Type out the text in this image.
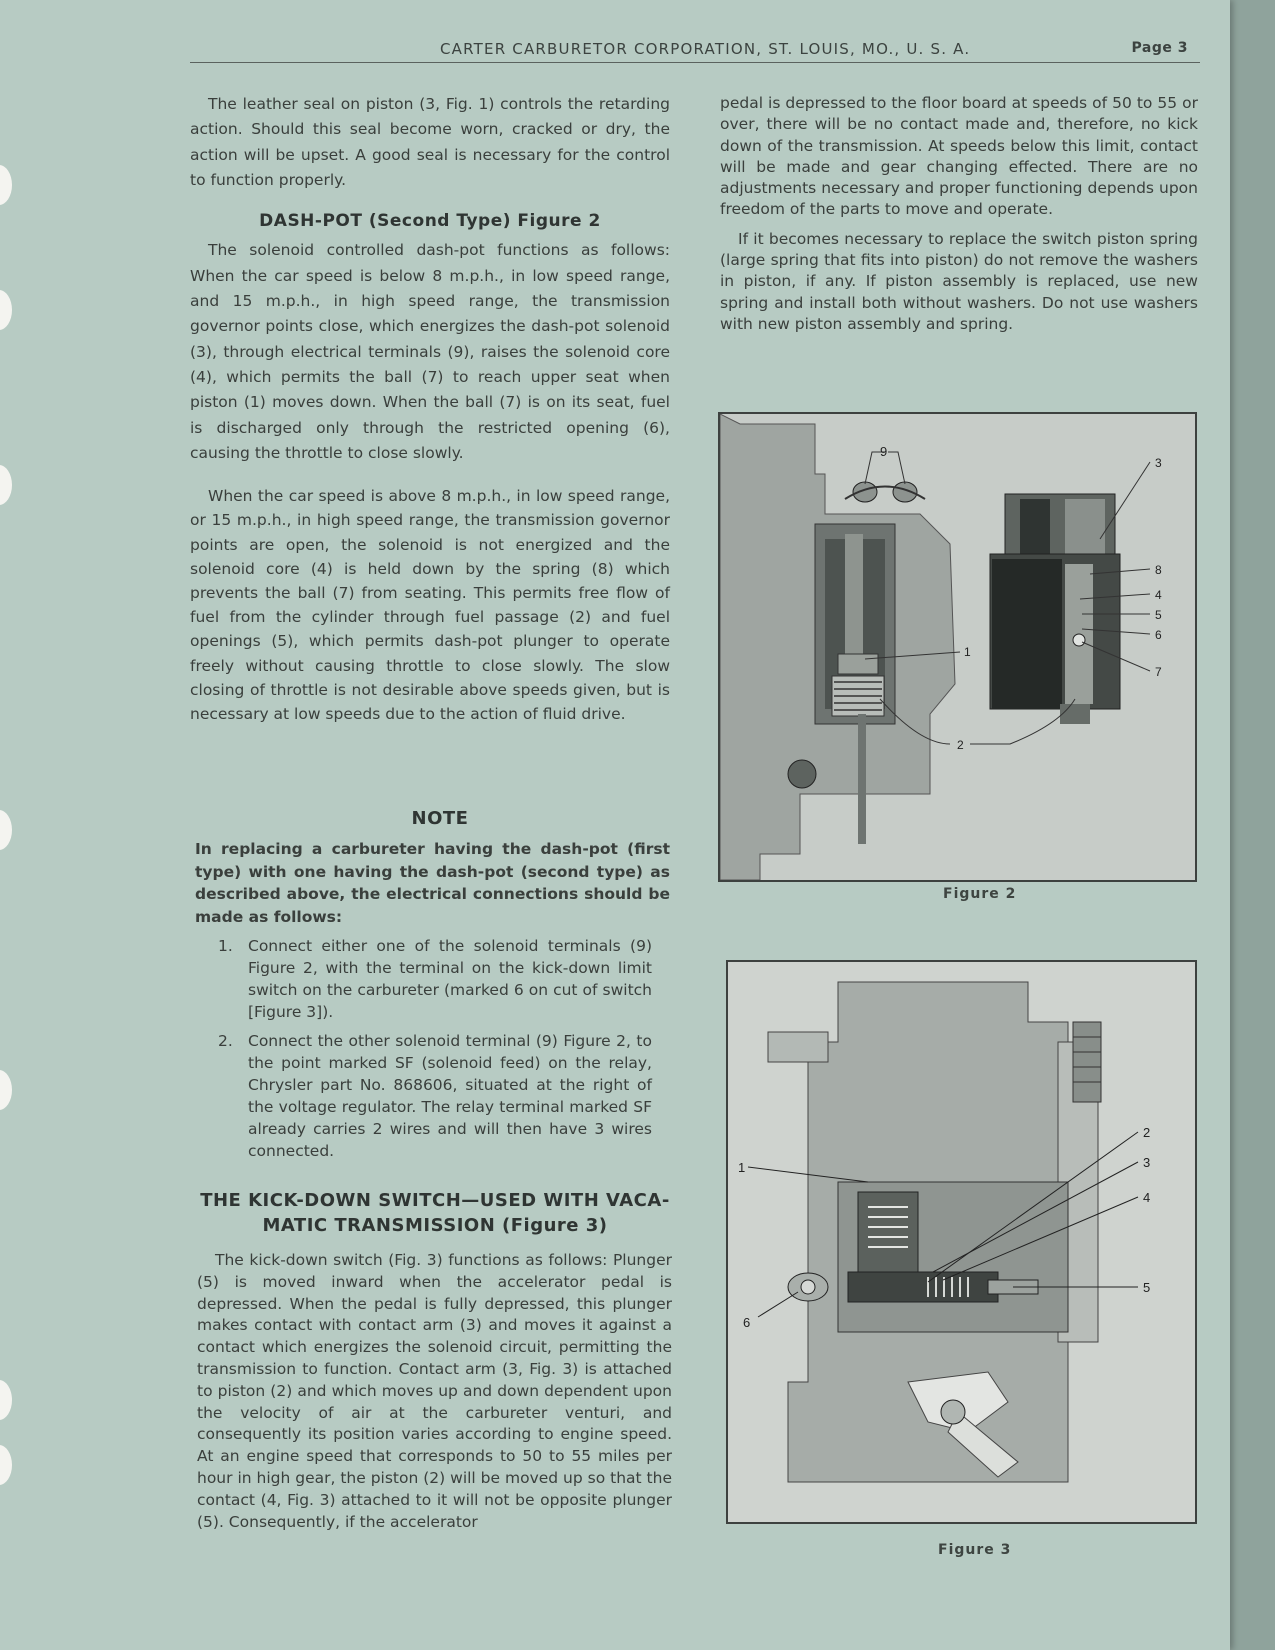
CARTER CARBURETOR CORPORATION, ST. LOUIS, MO., U. S. A.	Page 3

The leather seal on piston (3, Fig. 1) controls the retarding action. Should this seal become worn, cracked or dry, the action will be upset. A good seal is necessary for the control to function properly.

DASH-POT (Second Type) Figure 2

The solenoid controlled dash-pot functions as follows: When the car speed is below 8 m.p.h., in low speed range, and 15 m.p.h., in high speed range, the transmission governor points close, which energizes the dash-pot solenoid (3), through electrical terminals (9), raises the solenoid core (4), which permits the ball (7) to reach upper seat when piston (1) moves down. When the ball (7) is on its seat, fuel is discharged only through the restricted opening (6), causing the throttle to close slowly.

When the car speed is above 8 m.p.h., in low speed range, or 15 m.p.h., in high speed range, the transmission governor points are open, the solenoid is not energized and the solenoid core (4) is held down by the spring (8) which prevents the ball (7) from seating. This permits free flow of fuel from the cylinder through fuel passage (2) and fuel openings (5), which permits dash-pot plunger to operate freely without causing throttle to close slowly. The slow closing of throttle is not desirable above speeds given, but is necessary at low speeds due to the action of fluid drive.

NOTE
In replacing a carbureter having the dash-pot (first type) with one having the dash-pot (second type) as described above, the electrical connections should be made as follows:
1. Connect either one of the solenoid terminals (9) Figure 2, with the terminal on the kick-down limit switch on the carbureter (marked 6 on cut of switch [Figure 3]).
2. Connect the other solenoid terminal (9) Figure 2, to the point marked SF (solenoid feed) on the relay, Chrysler part No. 868606, situated at the right of the voltage regulator. The relay terminal marked SF already carries 2 wires and will then have 3 wires connected.
THE KICK-DOWN SWITCH—USED WITH VACA-MATIC TRANSMISSION (Figure 3)

The kick-down switch (Fig. 3) functions as follows: Plunger (5) is moved inward when the accelerator pedal is depressed. When the pedal is fully depressed, this plunger makes contact with contact arm (3) and moves it against a contact which energizes the solenoid circuit, permitting the transmission to function. Contact arm (3, Fig. 3) is attached to piston (2) and which moves up and down dependent upon the velocity of air at the carbureter venturi, and consequently its position varies according to engine speed. At an engine speed that corresponds to 50 to 55 miles per hour in high gear, the piston (2) will be moved up so that the contact (4, Fig. 3) attached to it will not be opposite plunger (5). Consequently, if the accelerator

pedal is depressed to the floor board at speeds of 50 to 55 or over, there will be no contact made and, therefore, no kick down of the transmission. At speeds below this limit, contact will be made and gear changing effected. There are no adjustments necessary and proper functioning depends upon freedom of the parts to move and operate.

If it becomes necessary to replace the switch piston spring (large spring that fits into piston) do not remove the washers in piston, if any. If piston assembly is replaced, use new spring and install both without washers. Do not use washers with new piston assembly and spring.

9
3
8
4
5
6
7
1
2
Figure 2
2
3
4
1
5
6
Figure 3
